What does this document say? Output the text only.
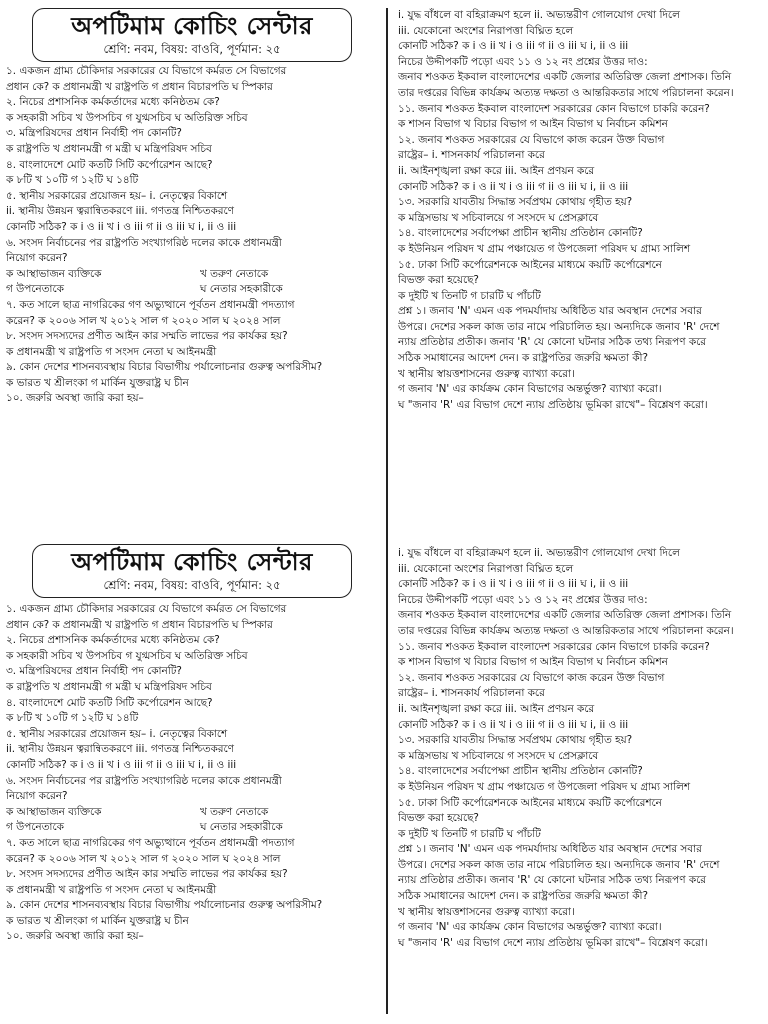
অপটিমাম কোচিং সেন্টার
শ্রেণি: নবম, বিষয়: বাওবি, পূর্ণমান: ২৫
১. একজন গ্রাম্য চৌকিদার সরকারের যে বিভাগে কর্মরত সে বিভাগের
প্রধান কে? ক প্রধানমন্ত্রী খ রাষ্ট্রপতি গ প্রধান বিচারপতি ঘ স্পিকার
২. নিচের প্রশাসনিক কর্মকর্তাদের মধ্যে কনিষ্ঠতম কে?
ক সহকারী সচিব খ উপসচিব গ যুগ্মসচিব ঘ অতিরিক্ত সচিব
৩. মন্ত্রিপরিষদের প্রধান নির্বাহী পদ কোনটি?
ক রাষ্ট্রপতি খ প্রধানমন্ত্রী গ মন্ত্রী ঘ মন্ত্রিপরিষদ সচিব
৪. বাংলাদেশে মোট কতটি সিটি কর্পোরেশন আছে?
ক ৮টি খ ১০টি গ ১২টি ঘ ১৪টি
৫. স্থানীয় সরকারের প্রয়োজন হয়– i. নেতৃত্বের বিকাশে
ii. স্থানীয় উন্নয়ন ত্বরান্বিতকরণে iii. গণতন্ত্র নিশ্চিতকরণে
কোনটি সঠিক? ক i ও ii খ i ও iii গ ii ও iii ঘ i, ii ও iii
৬. সংসদ নির্বাচনের পর রাষ্ট্রপতি সংখ্যাগরিষ্ঠ দলের কাকে প্রধানমন্ত্রী
নিয়োগ করেন?
ক আস্থাভাজন ব্যক্তিকে	খ তরুণ নেতাকে
গ উপনেতাকে	ঘ নেতার সহকারীকে
৭. কত সালে ছাত্র নাগরিকের গণ অভ্যুত্থানে পূর্বতন প্রধানমন্ত্রী পদত্যাগ
করেন? ক ২০০৬ সাল খ ২০১২ সাল গ ২০২০ সাল ঘ ২০২৪ সাল
৮. সংসদ সদস্যদের প্রণীত আইন কার সম্মতি লাভের পর কার্যকর হয়?
ক প্রধানমন্ত্রী খ রাষ্ট্রপতি গ সংসদ নেতা ঘ আইনমন্ত্রী
৯. কোন দেশের শাসনব্যবস্থায় বিচার বিভাগীয় পর্যালোচনার গুরুত্ব অপরিসীম?
ক ভারত খ শ্রীলংকা গ মার্কিন যুক্তরাষ্ট্র ঘ চীন
১০. জরুরি অবস্থা জারি করা হয়–
i. যুদ্ধ বাঁধলে বা বহিরাক্রমণ হলে ii. অভ্যন্তরীণ গোলযোগ দেখা দিলে
iii. যেকোনো অংশের নিরাপত্তা বিঘ্নিত হলে
কোনটি সঠিক? ক i ও ii খ i ও iii গ ii ও iii ঘ i, ii ও iii
নিচের উদ্দীপকটি পড়ো এবং ১১ ও ১২ নং প্রশ্নের উত্তর দাও:
জনাব শওকত ইকবাল বাংলাদেশের একটি জেলার অতিরিক্ত জেলা প্রশাসক। তিনি
তার দপ্তরের বিভিন্ন কার্যক্রম অত্যন্ত দক্ষতা ও আন্তরিকতার সাথে পরিচালনা করেন।
১১. জনাব শওকত ইকবাল বাংলাদেশ সরকারের কোন বিভাগে চাকরি করেন?
ক শাসন বিভাগ খ বিচার বিভাগ গ আইন বিভাগ ঘ নির্বাচন কমিশন
১২. জনাব শওকত সরকারের যে বিভাগে কাজ করেন উক্ত বিভাগ
রাষ্ট্রের– i. শাসনকার্য পরিচালনা করে
ii. আইনশৃঙ্খলা রক্ষা করে iii. আইন প্রণয়ন করে
কোনটি সঠিক? ক i ও ii খ i ও iii গ ii ও iii ঘ i, ii ও iii
১৩. সরকারি যাবতীয় সিদ্ধান্ত সর্বপ্রথম কোথায় গৃহীত হয়?
ক মন্ত্রিসভায় খ সচিবালয়ে গ সংসদে ঘ প্রেসক্লাবে
১৪. বাংলাদেশের সর্বাপেক্ষা প্রাচীন স্থানীয় প্রতিষ্ঠান কোনটি?
ক ইউনিয়ন পরিষদ খ গ্রাম পঞ্চায়েত গ উপজেলা পরিষদ ঘ গ্রাম্য সালিশ
১৫. ঢাকা সিটি কর্পোরেশনকে আইনের মাধ্যমে কয়টি কর্পোরেশনে
বিভক্ত করা হয়েছে?
ক দুইটি খ তিনটি গ চারটি ঘ পাঁচটি
প্রশ্ন ১। জনাব 'N' এমন এক পদমর্যাদায় অধিষ্ঠিত যার অবস্থান দেশের সবার
উপরে। দেশের সকল কাজ তার নামে পরিচালিত হয়। অন্যদিকে জনাব 'R' দেশে
ন্যায় প্রতিষ্ঠার প্রতীক। জনাব 'R' যে কোনো ঘটনার সঠিক তথ্য নিরূপণ করে
সঠিক সমাধানের আদেশ দেন। ক রাষ্ট্রপতির জরুরি ক্ষমতা কী?
খ স্থানীয় স্বায়ত্তশাসনের গুরুত্ব ব্যাখ্যা করো।
গ জনাব 'N' এর কার্যক্রম কোন বিভাগের অন্তর্ভুক্ত? ব্যাখ্যা করো।
ঘ "জনাব 'R' এর বিভাগ দেশে ন্যায় প্রতিষ্ঠায় ভূমিকা রাখে"– বিশ্লেষণ করো।
অপটিমাম কোচিং সেন্টার
শ্রেণি: নবম, বিষয়: বাওবি, পূর্ণমান: ২৫
১. একজন গ্রাম্য চৌকিদার সরকারের যে বিভাগে কর্মরত সে বিভাগের
প্রধান কে? ক প্রধানমন্ত্রী খ রাষ্ট্রপতি গ প্রধান বিচারপতি ঘ স্পিকার
২. নিচের প্রশাসনিক কর্মকর্তাদের মধ্যে কনিষ্ঠতম কে?
ক সহকারী সচিব খ উপসচিব গ যুগ্মসচিব ঘ অতিরিক্ত সচিব
৩. মন্ত্রিপরিষদের প্রধান নির্বাহী পদ কোনটি?
ক রাষ্ট্রপতি খ প্রধানমন্ত্রী গ মন্ত্রী ঘ মন্ত্রিপরিষদ সচিব
৪. বাংলাদেশে মোট কতটি সিটি কর্পোরেশন আছে?
ক ৮টি খ ১০টি গ ১২টি ঘ ১৪টি
৫. স্থানীয় সরকারের প্রয়োজন হয়– i. নেতৃত্বের বিকাশে
ii. স্থানীয় উন্নয়ন ত্বরান্বিতকরণে iii. গণতন্ত্র নিশ্চিতকরণে
কোনটি সঠিক? ক i ও ii খ i ও iii গ ii ও iii ঘ i, ii ও iii
৬. সংসদ নির্বাচনের পর রাষ্ট্রপতি সংখ্যাগরিষ্ঠ দলের কাকে প্রধানমন্ত্রী
নিয়োগ করেন?
ক আস্থাভাজন ব্যক্তিকে	খ তরুণ নেতাকে
গ উপনেতাকে	ঘ নেতার সহকারীকে
৭. কত সালে ছাত্র নাগরিকের গণ অভ্যুত্থানে পূর্বতন প্রধানমন্ত্রী পদত্যাগ
করেন? ক ২০০৬ সাল খ ২০১২ সাল গ ২০২০ সাল ঘ ২০২৪ সাল
৮. সংসদ সদস্যদের প্রণীত আইন কার সম্মতি লাভের পর কার্যকর হয়?
ক প্রধানমন্ত্রী খ রাষ্ট্রপতি গ সংসদ নেতা ঘ আইনমন্ত্রী
৯. কোন দেশের শাসনব্যবস্থায় বিচার বিভাগীয় পর্যালোচনার গুরুত্ব অপরিসীম?
ক ভারত খ শ্রীলংকা গ মার্কিন যুক্তরাষ্ট্র ঘ চীন
১০. জরুরি অবস্থা জারি করা হয়–
i. যুদ্ধ বাঁধলে বা বহিরাক্রমণ হলে ii. অভ্যন্তরীণ গোলযোগ দেখা দিলে
iii. যেকোনো অংশের নিরাপত্তা বিঘ্নিত হলে
কোনটি সঠিক? ক i ও ii খ i ও iii গ ii ও iii ঘ i, ii ও iii
নিচের উদ্দীপকটি পড়ো এবং ১১ ও ১২ নং প্রশ্নের উত্তর দাও:
জনাব শওকত ইকবাল বাংলাদেশের একটি জেলার অতিরিক্ত জেলা প্রশাসক। তিনি
তার দপ্তরের বিভিন্ন কার্যক্রম অত্যন্ত দক্ষতা ও আন্তরিকতার সাথে পরিচালনা করেন।
১১. জনাব শওকত ইকবাল বাংলাদেশ সরকারের কোন বিভাগে চাকরি করেন?
ক শাসন বিভাগ খ বিচার বিভাগ গ আইন বিভাগ ঘ নির্বাচন কমিশন
১২. জনাব শওকত সরকারের যে বিভাগে কাজ করেন উক্ত বিভাগ
রাষ্ট্রের– i. শাসনকার্য পরিচালনা করে
ii. আইনশৃঙ্খলা রক্ষা করে iii. আইন প্রণয়ন করে
কোনটি সঠিক? ক i ও ii খ i ও iii গ ii ও iii ঘ i, ii ও iii
১৩. সরকারি যাবতীয় সিদ্ধান্ত সর্বপ্রথম কোথায় গৃহীত হয়?
ক মন্ত্রিসভায় খ সচিবালয়ে গ সংসদে ঘ প্রেসক্লাবে
১৪. বাংলাদেশের সর্বাপেক্ষা প্রাচীন স্থানীয় প্রতিষ্ঠান কোনটি?
ক ইউনিয়ন পরিষদ খ গ্রাম পঞ্চায়েত গ উপজেলা পরিষদ ঘ গ্রাম্য সালিশ
১৫. ঢাকা সিটি কর্পোরেশনকে আইনের মাধ্যমে কয়টি কর্পোরেশনে
বিভক্ত করা হয়েছে?
ক দুইটি খ তিনটি গ চারটি ঘ পাঁচটি
প্রশ্ন ১। জনাব 'N' এমন এক পদমর্যাদায় অধিষ্ঠিত যার অবস্থান দেশের সবার
উপরে। দেশের সকল কাজ তার নামে পরিচালিত হয়। অন্যদিকে জনাব 'R' দেশে
ন্যায় প্রতিষ্ঠার প্রতীক। জনাব 'R' যে কোনো ঘটনার সঠিক তথ্য নিরূপণ করে
সঠিক সমাধানের আদেশ দেন। ক রাষ্ট্রপতির জরুরি ক্ষমতা কী?
খ স্থানীয় স্বায়ত্তশাসনের গুরুত্ব ব্যাখ্যা করো।
গ জনাব 'N' এর কার্যক্রম কোন বিভাগের অন্তর্ভুক্ত? ব্যাখ্যা করো।
ঘ "জনাব 'R' এর বিভাগ দেশে ন্যায় প্রতিষ্ঠায় ভূমিকা রাখে"– বিশ্লেষণ করো।
